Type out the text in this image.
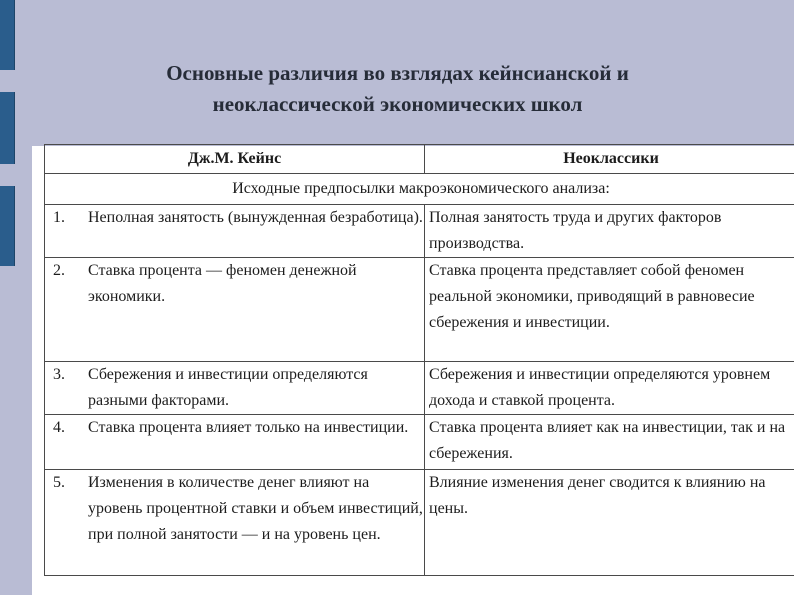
Основные различия во взглядах кейнсианской и
неоклассической экономических школ
Дж.М. Кейнс	Неоклассики
Исходные предпосылки макроэкономического анализа:	

1. Неполная занятость (вынужденная безработица).	Полная занятость труда и других факторов производства.

2. Ставка процента — феномен денежной экономики.	Ставка процента представляет собой феномен реальной экономики, приводящий в равновесие сбережения и инвестиции.

3. Сбережения и инвестиции определяются разными факторами.	Сбережения и инвестиции определяются уровнем дохода и ставкой процента.

4. Ставка процента влияет только на инвестиции.	Ставка процента влияет как на инвестиции, так и на сбережения.

5. Изменения в количестве денег влияют на уровень процентной ставки и объем инвестиций, при полной занятости — и на уровень цен.	Влияние изменения денег сводится к влиянию на цены.
